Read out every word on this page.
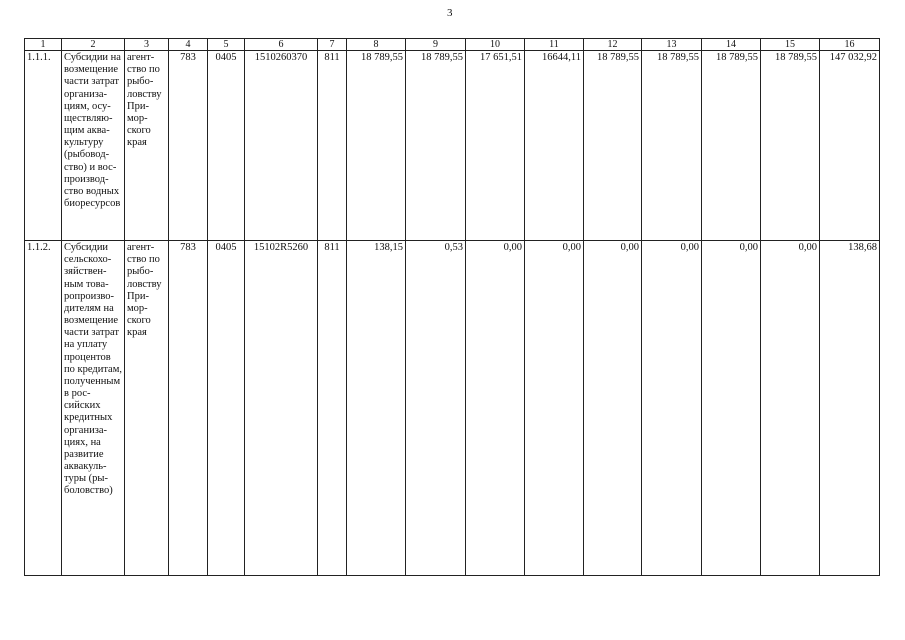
3
1	2	3	4	5	6	7	8	9	10	11	12	13	14	15	16
1.1.1.	Субсидии на возмещение части затрат организациям, осуществляющим аквакультуру (рыбоводство) и воспроизводство водных биоресурсов	агентство по рыболовству Приморского края	783	0405	1510260370	811	18 789,55	18 789,55	17 651,51	16644,11	18 789,55	18 789,55	18 789,55	18 789,55	147 032,92
1.1.2.	Субсидии сельскохозяйственным товаропроизводителям на возмещение части затрат на уплату процентов по кредитам, полученным в российских кредитных организациях, на развитие аквакультуры (рыболовство)	агентство по рыболовству Приморского края	783	0405	15102R5260	811	138,15	0,53	0,00	0,00	0,00	0,00	0,00	0,00	138,68
